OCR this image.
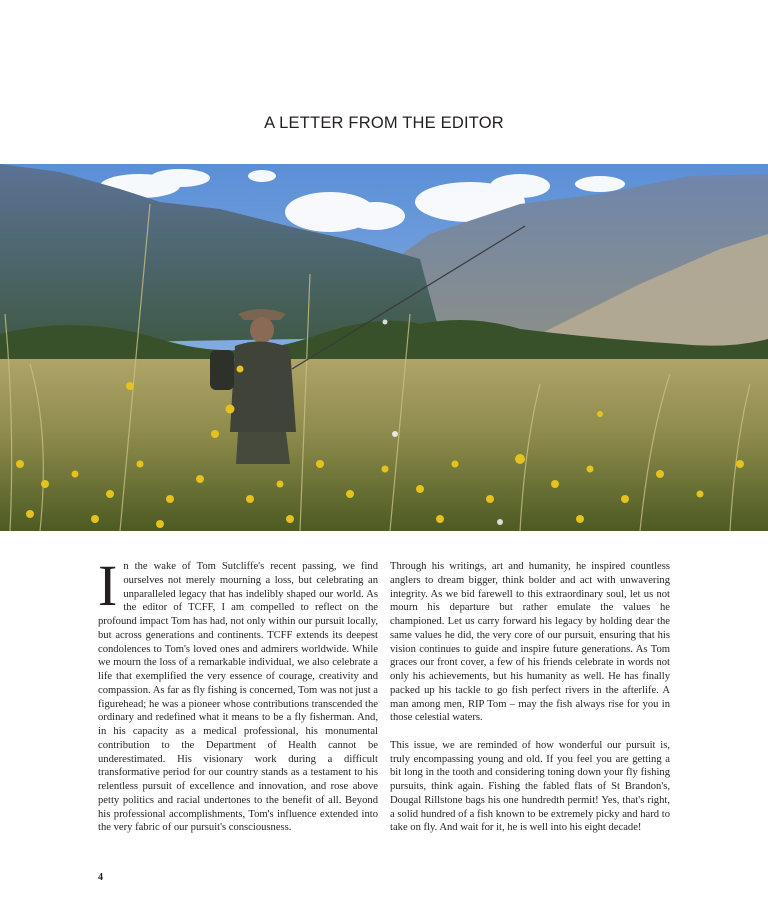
A LETTER FROM THE EDITOR

In the wake of Tom Sutcliffe's recent passing, we find ourselves not merely mourning a loss, but celebrating an unparalleled legacy that has indelibly shaped our world. As the editor of TCFF, I am compelled to reflect on the profound impact Tom has had, not only within our pursuit locally, but across generations and continents. TCFF extends its deepest condolences to Tom's loved ones and admirers worldwide. While we mourn the loss of a remarkable individual, we also celebrate a life that exemplified the very essence of courage, creativity and compassion. As far as fly fishing is concerned, Tom was not just a figurehead; he was a pioneer whose contributions transcended the ordinary and redefined what it means to be a fly fisherman. And, in his capacity as a medical professional, his monumental contribution to the Department of Health cannot be underestimated. His visionary work during a difficult transformative period for our country stands as a testament to his relentless pursuit of excellence and innovation, and rose above petty politics and racial undertones to the benefit of all. Beyond his professional accomplishments, Tom's influence extended into the very fabric of our pursuit's consciousness.

Through his writings, art and humanity, he inspired countless anglers to dream bigger, think bolder and act with unwavering integrity. As we bid farewell to this extraordinary soul, let us not mourn his departure but rather emulate the values he championed. Let us carry forward his legacy by holding dear the same values he did, the very core of our pursuit, ensuring that his vision continues to guide and inspire future generations. As Tom graces our front cover, a few of his friends celebrate in words not only his achievements, but his humanity as well. He has finally packed up his tackle to go fish perfect rivers in the afterlife. A man among men, RIP Tom – may the fish always rise for you in those celestial waters.

This issue, we are reminded of how wonderful our pursuit is, truly encompassing young and old. If you feel you are getting a bit long in the tooth and considering toning down your fly fishing pursuits, think again. Fishing the fabled flats of St Brandon's, Dougal Rillstone bags his one hundredth permit! Yes, that's right, a solid hundred of a fish known to be extremely picky and hard to take on fly. And wait for it, he is well into his eight decade!

4
